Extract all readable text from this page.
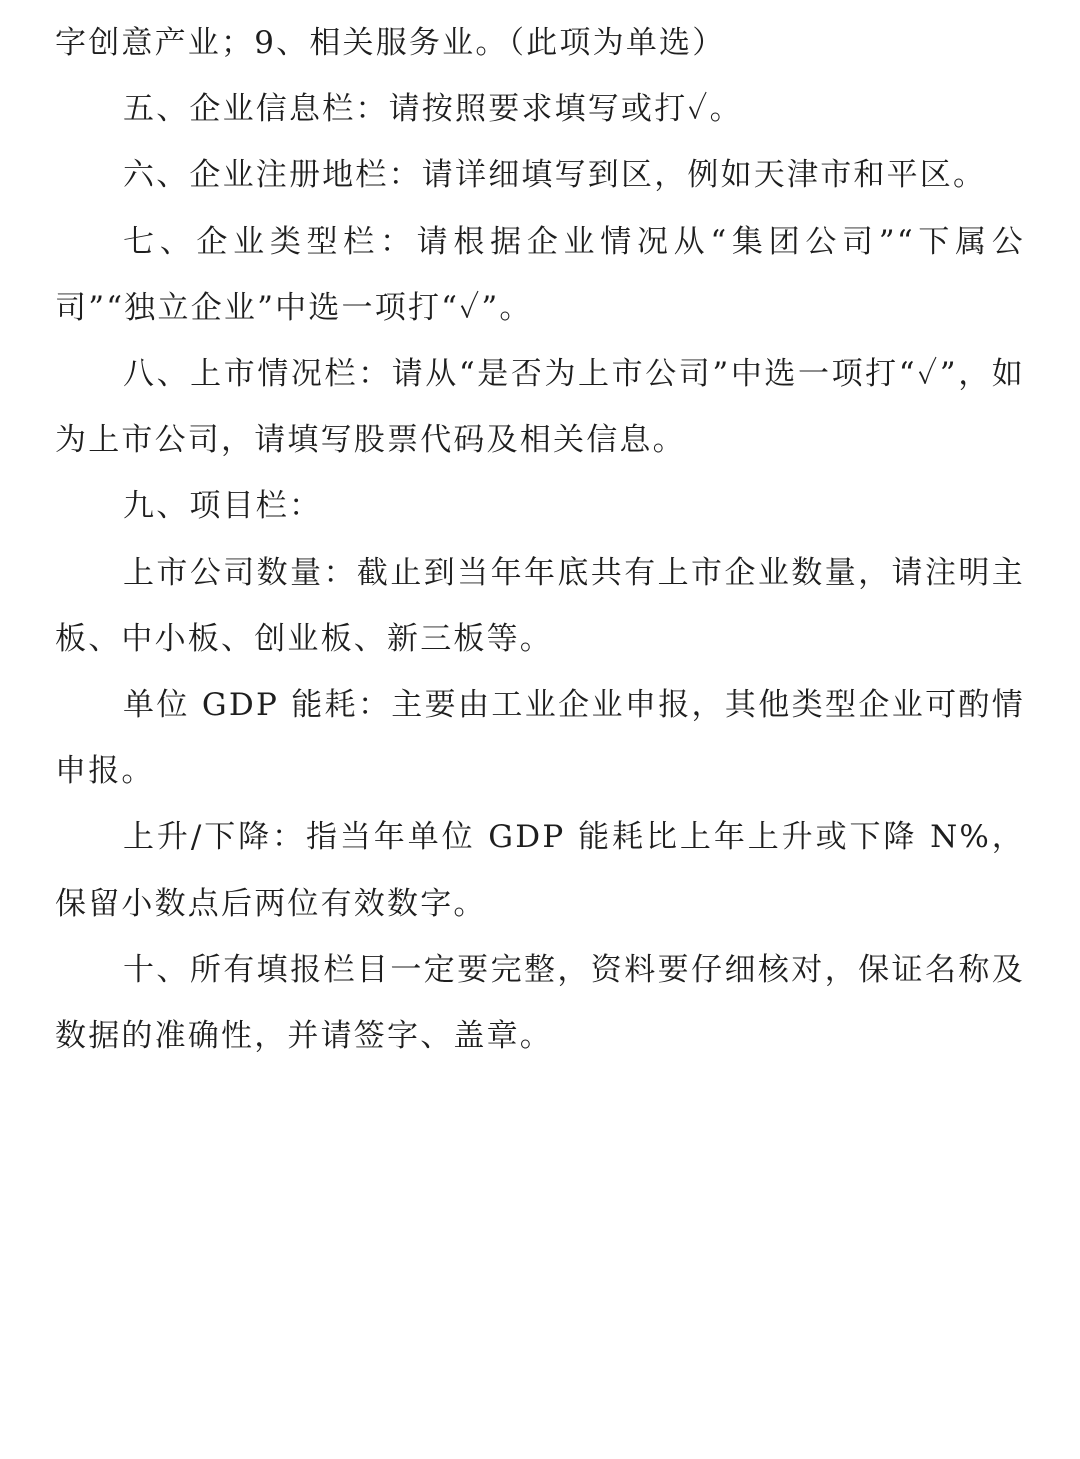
字创意产业；9、相关服务业。（此项为单选）

五、企业信息栏：请按照要求填写或打✓。

六、企业注册地栏：请详细填写到区，例如天津市和平区。

七、企业类型栏：请根据企业情况从“集团公司”“下属公司”“独立企业”中选一项打“✓”。

八、上市情况栏：请从“是否为上市公司”中选一项打“✓”，如为上市公司，请填写股票代码及相关信息。

九、项目栏：

上市公司数量：截止到当年年底共有上市企业数量，请注明主板、中小板、创业板、新三板等。

单位 GDP 能耗：主要由工业企业申报，其他类型企业可酌情申报。

上升/下降：指当年单位 GDP 能耗比上年上升或下降 N%，保留小数点后两位有效数字。

十、所有填报栏目一定要完整，资料要仔细核对，保证名称及数据的准确性，并请签字、盖章。
